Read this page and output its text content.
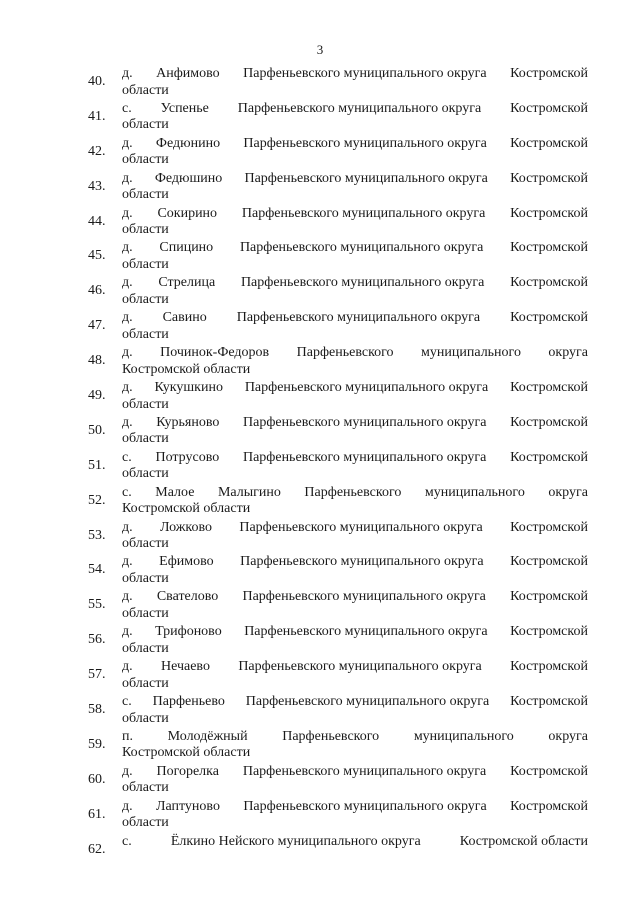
3
40.
д. Анфимово Парфеньевского муниципального округа Костромской
области
41.
с. Успенье Парфеньевского муниципального округа Костромской
области
42.
д. Федюнино Парфеньевского муниципального округа Костромской
области
43.
д. Федюшино Парфеньевского муниципального округа Костромской
области
44.
д. Сокирино Парфеньевского муниципального округа Костромской
области
45.
д. Спицино Парфеньевского муниципального округа Костромской
области
46.
д. Стрелица Парфеньевского муниципального округа Костромской
области
47.
д. Савино Парфеньевского муниципального округа Костромской
области
48.
д. Починок-Федоров Парфеньевского муниципального округа
Костромской области
49.
д. Кукушкино Парфеньевского муниципального округа Костромской
области
50.
д. Курьяново Парфеньевского муниципального округа Костромской
области
51.
с. Потрусово Парфеньевского муниципального округа Костромской
области
52.
с. Малое Малыгино Парфеньевского муниципального округа
Костромской области
53.
д. Ложково Парфеньевского муниципального округа Костромской
области
54.
д. Ефимово Парфеньевского муниципального округа Костромской
области
55.
д. Свателово Парфеньевского муниципального округа Костромской
области
56.
д. Трифоново Парфеньевского муниципального округа Костромской
области
57.
д. Нечаево Парфеньевского муниципального округа Костромской
области
58.
с. Парфеньево Парфеньевского муниципального округа Костромской
области
59.
п. Молодёжный Парфеньевского муниципального округа
Костромской области
60.
д. Погорелка Парфеньевского муниципального округа Костромской
области
61.
д. Лаптуново Парфеньевского муниципального округа Костромской
области
62.
с.	Ёлкино Нейского муниципального округа	Костромской области
